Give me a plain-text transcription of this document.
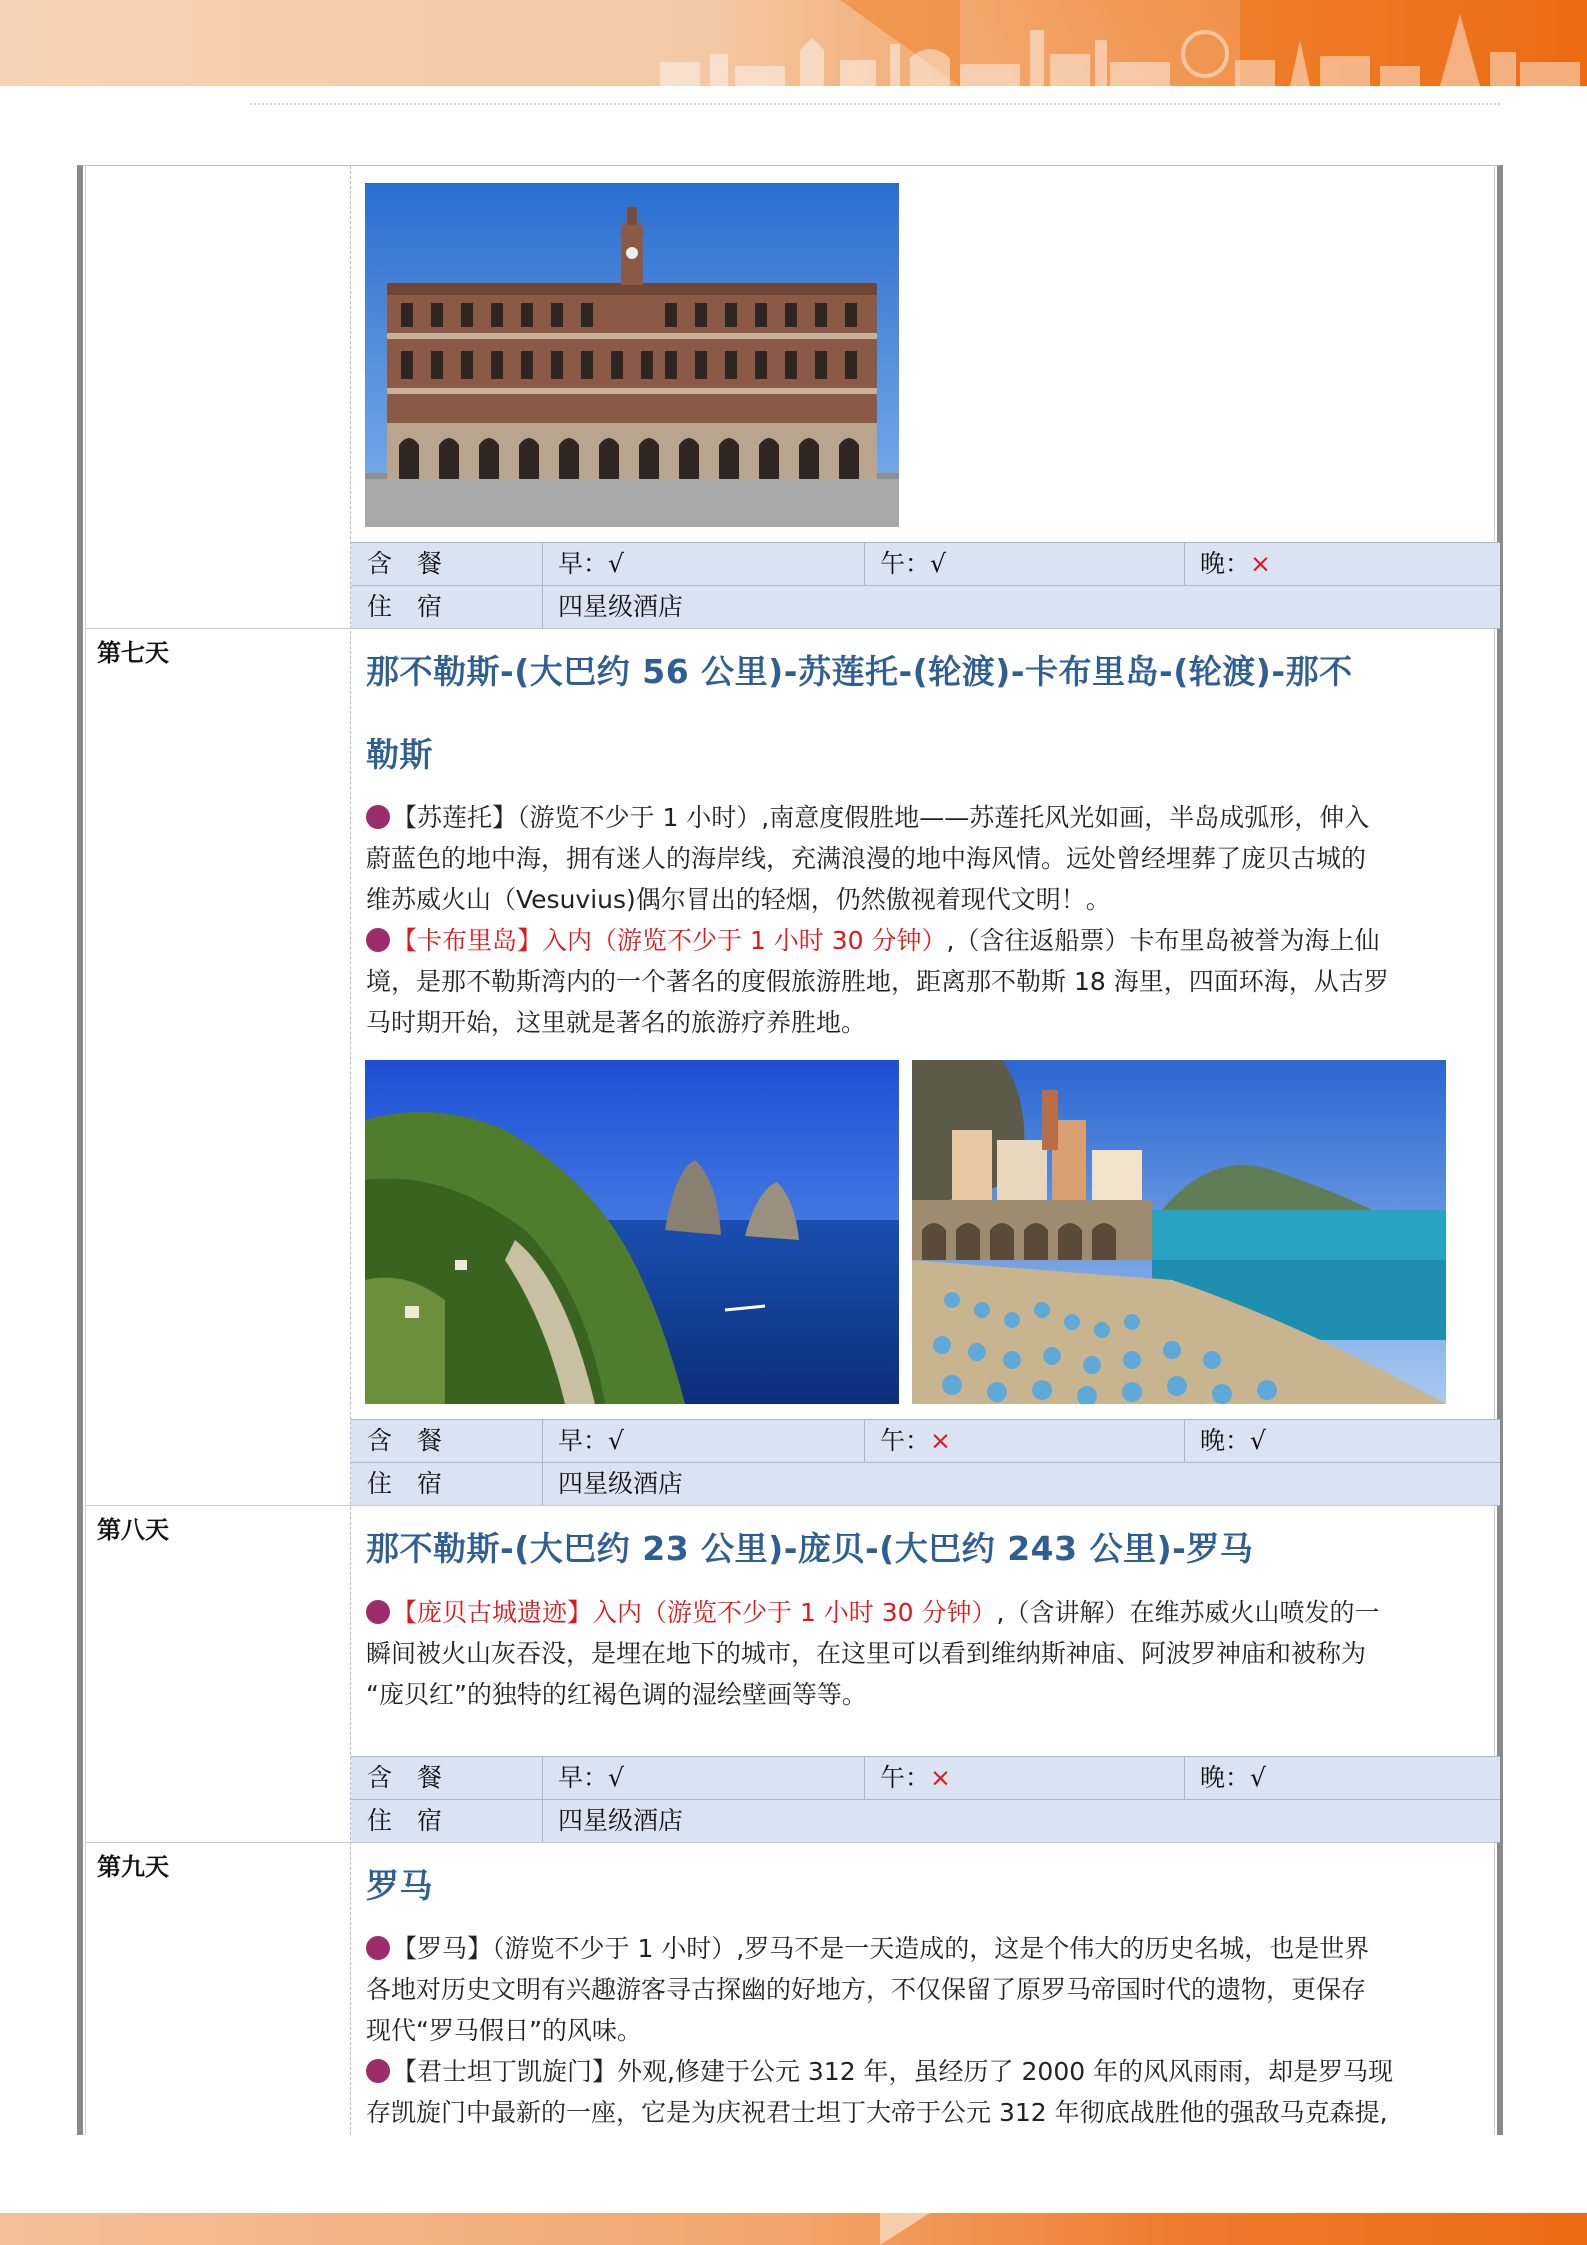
含　餐	早：√	午：√	晚：×
住　宿	四星级酒店
第七天	那不勒斯-(大巴约 56 公里)-苏莲托-(轮渡)-卡布里岛-(轮渡)-那不
勒斯
【苏莲托】（游览不少于 1 小时）,南意度假胜地——苏莲托风光如画，半岛成弧形，伸入
蔚蓝色的地中海，拥有迷人的海岸线，充满浪漫的地中海风情。远处曾经埋葬了庞贝古城的
维苏威火山（Vesuvius)偶尔冒出的轻烟，仍然傲视着现代文明！。
【卡布里岛】入内（游览不少于 1 小时 30 分钟）,（含往返船票）卡布里岛被誉为海上仙
境，是那不勒斯湾内的一个著名的度假旅游胜地，距离那不勒斯 18 海里，四面环海，从古罗
马时期开始，这里就是著名的旅游疗养胜地。
含　餐	早：√	午：×	晚：√
住　宿	四星级酒店
第八天	那不勒斯-(大巴约 23 公里)-庞贝-(大巴约 243 公里)-罗马
【庞贝古城遗迹】入内（游览不少于 1 小时 30 分钟）,（含讲解）在维苏威火山喷发的一
瞬间被火山灰吞没，是埋在地下的城市，在这里可以看到维纳斯神庙、阿波罗神庙和被称为
“庞贝红”的独特的红褐色调的湿绘壁画等等。
含　餐	早：√	午：×	晚：√
住　宿	四星级酒店
第九天	罗马
【罗马】（游览不少于 1 小时）,罗马不是一天造成的，这是个伟大的历史名城，也是世界
各地对历史文明有兴趣游客寻古探幽的好地方，不仅保留了原罗马帝国时代的遗物，更保存
现代“罗马假日”的风味。
【君士坦丁凯旋门】外观,修建于公元 312 年，虽经历了 2000 年的风风雨雨，却是罗马现
存凯旋门中最新的一座，它是为庆祝君士坦丁大帝于公元 312 年彻底战胜他的强敌马克森提,
